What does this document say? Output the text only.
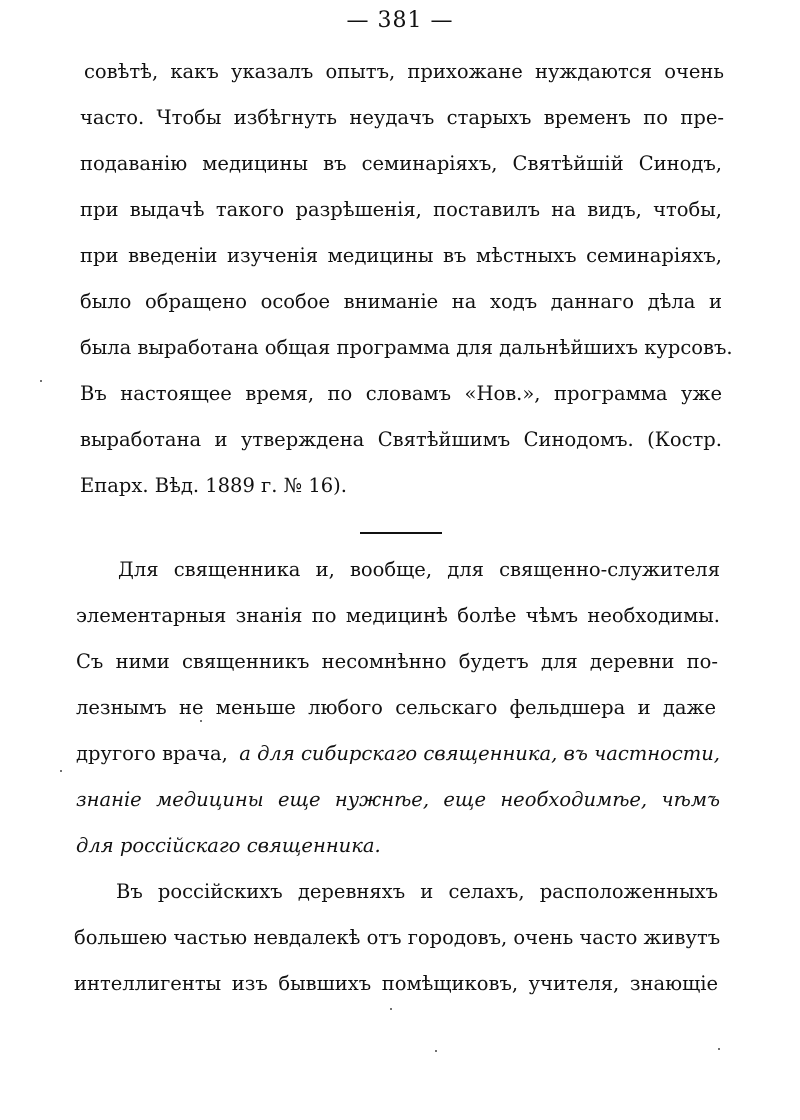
— 381 —
совѣтѣ, какъ указалъ опытъ, прихожане нуждаются очень
часто. Чтобы избѣгнуть неудачъ старыхъ временъ по пре-
подаванію медицины въ семинаріяхъ, Святѣйшій Синодъ,
при выдачѣ такого разрѣшенія, поставилъ на видъ, чтобы,
при введеніи изученія медицины въ мѣстныхъ семинаріяхъ,
было обращено особое вниманіе на ходъ даннаго дѣла и
была выработана общая программа для дальнѣйшихъ курсовъ.
Въ настоящее время, по словамъ «Нов.», программа уже
выработана и утверждена Святѣйшимъ Синодомъ. (Костр.
Епарх. Вѣд. 1889 г. № 16).
Для священника и, вообще, для священно-служителя
элементарныя знанія по медицинѣ болѣе чѣмъ необходимы.
Съ ними священникъ несомнѣнно будетъ для деревни по-
лезнымъ не меньше любого сельскаго фельдшера и даже
другого врача, а для сибирскаго священника, въ частности,
знаніе медицины еще нужнѣе, еще необходимѣе, чѣмъ
для россійскаго священника.
Въ россійскихъ деревняхъ и селахъ, расположенныхъ
большею частью невдалекѣ отъ городовъ, очень часто живутъ
интеллигенты изъ бывшихъ помѣщиковъ, учителя, знающіе
